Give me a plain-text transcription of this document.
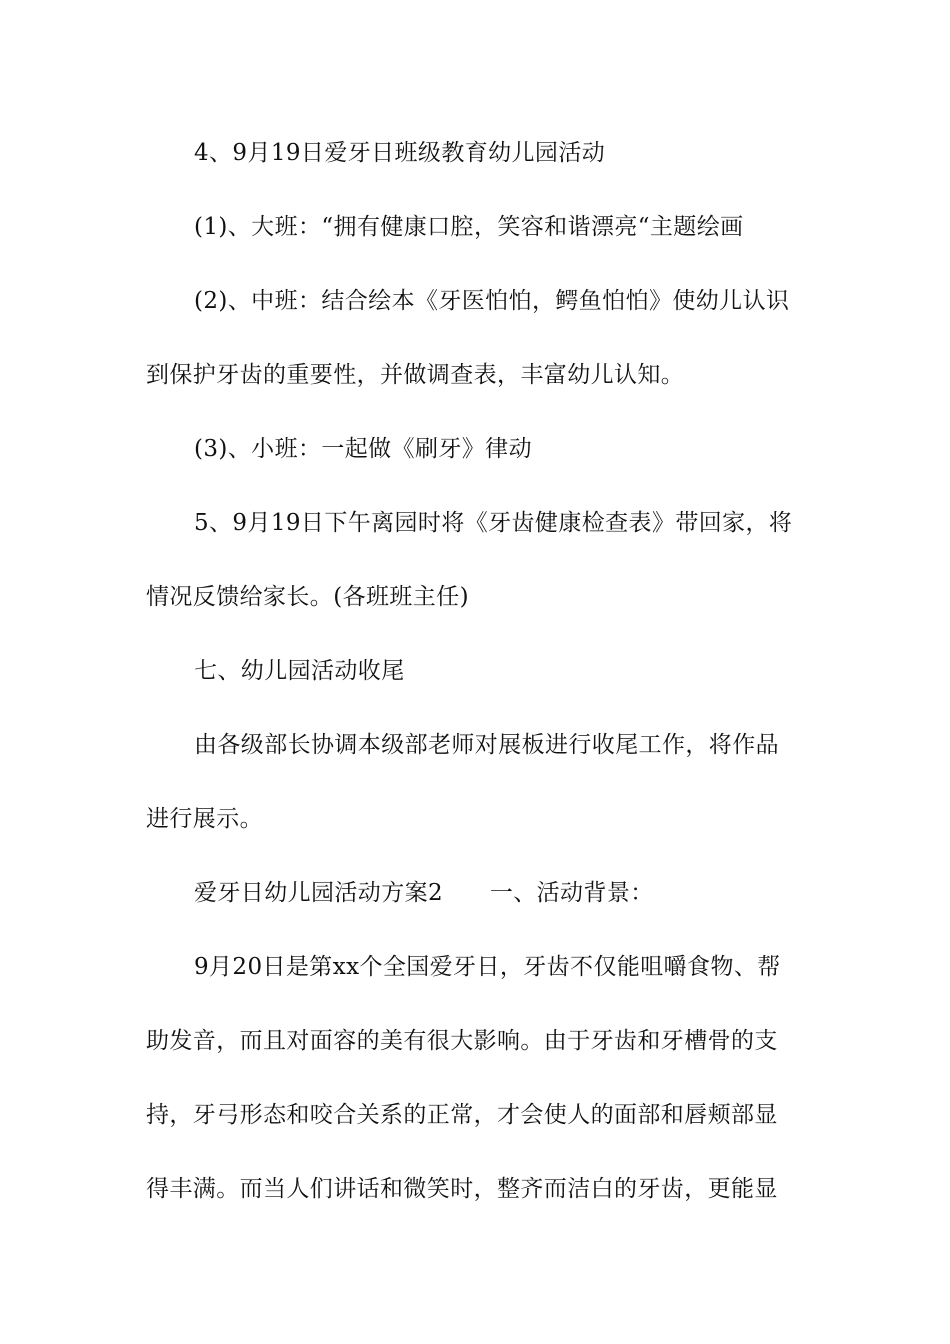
4、9月19日爱牙日班级教育幼儿园活动
(1)、大班：“拥有健康口腔，笑容和谐漂亮“主题绘画
(2)、中班：结合绘本《牙医怕怕，鳄鱼怕怕》使幼儿认识
到保护牙齿的重要性，并做调查表，丰富幼儿认知。
(3)、小班：一起做《刷牙》律动
5、9月19日下午离园时将《牙齿健康检查表》带回家，将
情况反馈给家长。(各班班主任)
七、幼儿园活动收尾
由各级部长协调本级部老师对展板进行收尾工作，将作品
进行展示。
爱牙日幼儿园活动方案2　　一、活动背景：
9月20日是第xx个全国爱牙日，牙齿不仅能咀嚼食物、帮
助发音，而且对面容的美有很大影响。由于牙齿和牙槽骨的支
持，牙弓形态和咬合关系的正常，才会使人的面部和唇颊部显
得丰满。而当人们讲话和微笑时，整齐而洁白的牙齿，更能显
